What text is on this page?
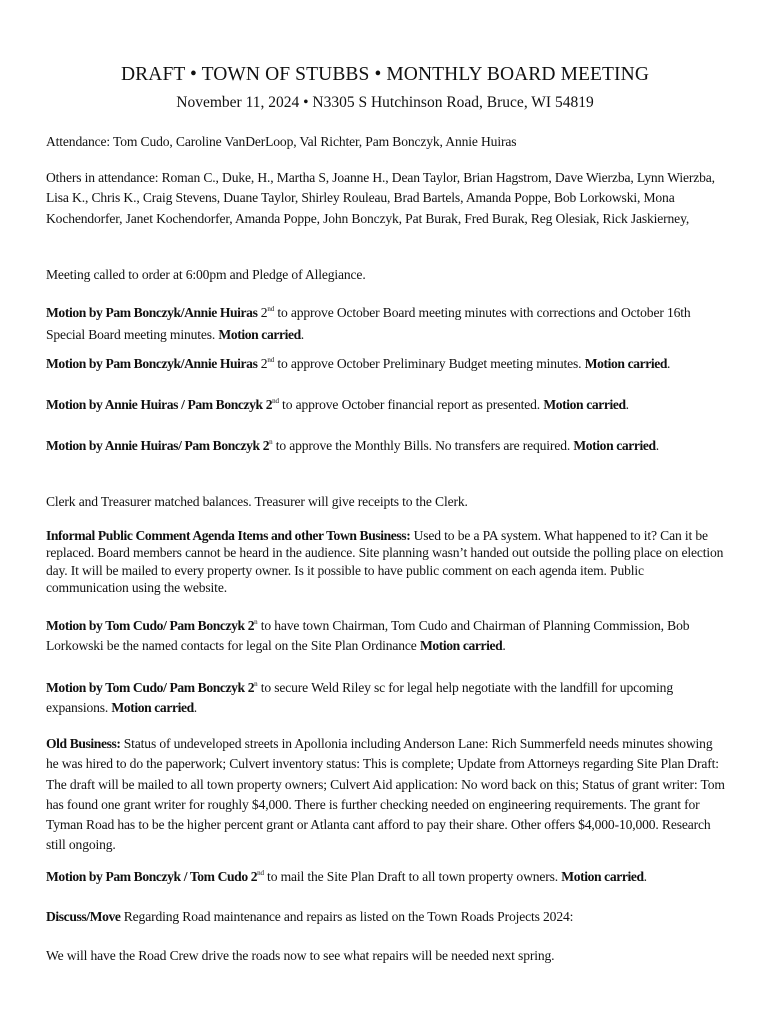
DRAFT • TOWN OF STUBBS • MONTHLY BOARD MEETING
November 11, 2024 • N3305 S Hutchinson Road, Bruce, WI 54819
Attendance: Tom Cudo, Caroline VanDerLoop, Val Richter, Pam Bonczyk, Annie Huiras
Others in attendance: Roman C., Duke, H., Martha S, Joanne H., Dean Taylor, Brian Hagstrom, Dave Wierzba, Lynn Wierzba, Lisa K., Chris K., Craig Stevens, Duane Taylor, Shirley Rouleau, Brad Bartels, Amanda Poppe, Bob Lorkowski, Mona Kochendorfer, Janet Kochendorfer, Amanda Poppe, John Bonczyk, Pat Burak, Fred Burak, Reg Olesiak, Rick Jaskierney,
Meeting called to order at 6:00pm and Pledge of Allegiance.
Motion by Pam Bonczyk/Annie Huiras 2nd to approve October Board meeting minutes with corrections and October 16th Special Board meeting minutes. Motion carried.
Motion by Pam Bonczyk/Annie Huiras 2nd to approve October Preliminary Budget meeting minutes. Motion carried.
Motion by Annie Huiras / Pam Bonczyk 2nd to approve October financial report as presented. Motion carried.
Motion by Annie Huiras/ Pam Bonczyk 2$^n$ to approve the Monthly Bills. No transfers are required. Motion carried.
Clerk and Treasurer matched balances. Treasurer will give receipts to the Clerk.
Informal Public Comment Agenda Items and other Town Business: Used to be a PA system. What happened to it? Can it be replaced. Board members cannot be heard in the audience. Site planning wasn’t handed out outside the polling place on election day. It will be mailed to every property owner. Is it possible to have public comment on each agenda item. Public communication using the website.
Motion by Tom Cudo/ Pam Bonczyk 2$^n$ to have town Chairman, Tom Cudo and Chairman of Planning Commission, Bob Lorkowski be the named contacts for legal on the Site Plan Ordinance Motion carried.
Motion by Tom Cudo/ Pam Bonczyk 2$^n$ to secure Weld Riley sc for legal help negotiate with the landfill for upcoming expansions. Motion carried.
Old Business: Status of undeveloped streets in Apollonia including Anderson Lane: Rich Summerfeld needs minutes showing he was hired to do the paperwork; Culvert inventory status: This is complete; Update from Attorneys regarding Site Plan Draft: The draft will be mailed to all town property owners; Culvert Aid application: No word back on this; Status of grant writer: Tom has found one grant writer for roughly $4,000. There is further checking needed on engineering requirements. The grant for Tyman Road has to be the higher percent grant or Atlanta cant afford to pay their share. Other offers $4,000-10,000. Research still ongoing.
Motion by Pam Bonczyk / Tom Cudo 2nd to mail the Site Plan Draft to all town property owners. Motion carried.
Discuss/Move Regarding Road maintenance and repairs as listed on the Town Roads Projects 2024:
We will have the Road Crew drive the roads now to see what repairs will be needed next spring.
